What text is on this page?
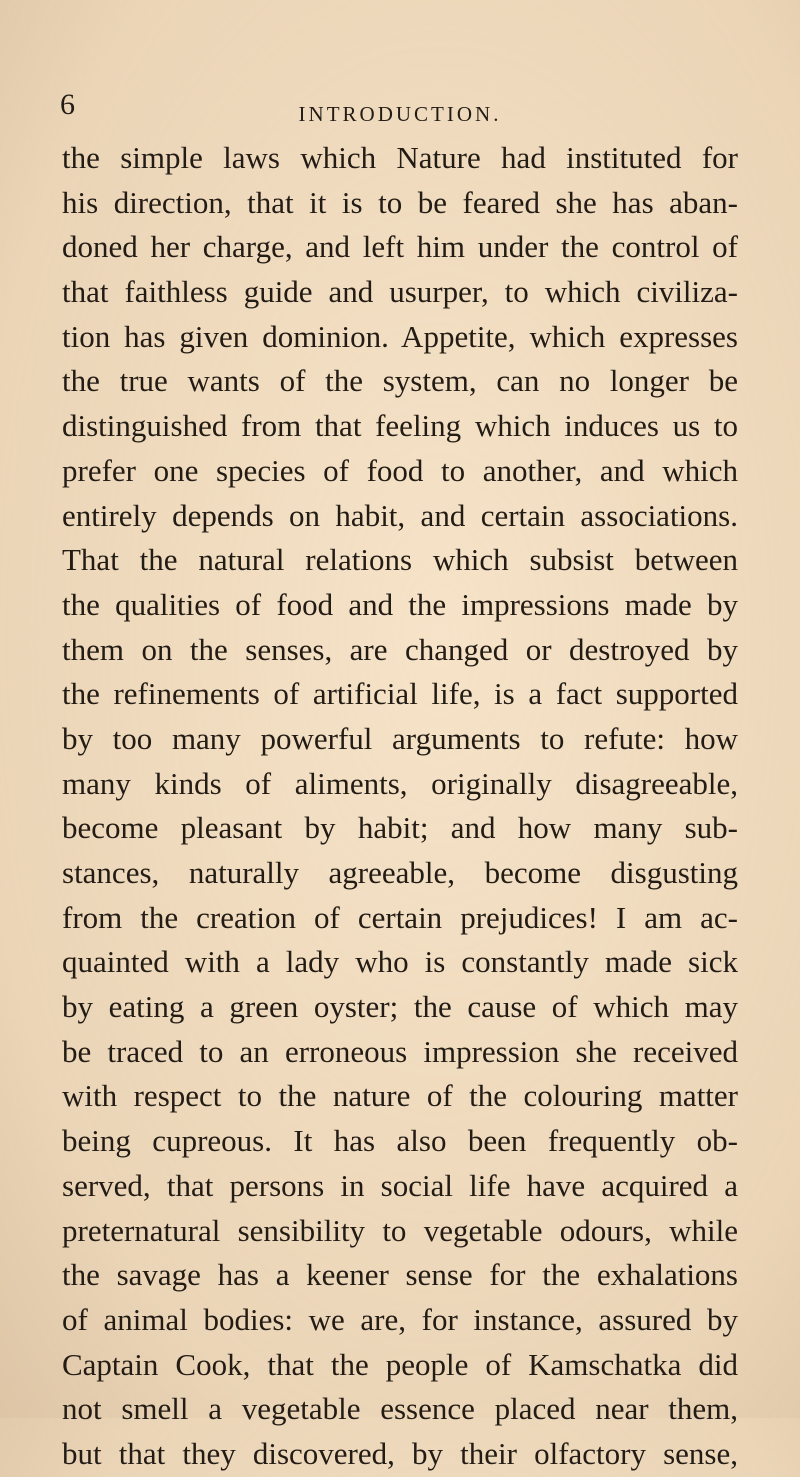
6	INTRODUCTION.
the simple laws which Nature had instituted for
his direction, that it is to be feared she has aban-
doned her charge, and left him under the control of
that faithless guide and usurper, to which civiliza-
tion has given dominion. Appetite, which expresses
the true wants of the system, can no longer be
distinguished from that feeling which induces us to
prefer one species of food to another, and which
entirely depends on habit, and certain associations.
That the natural relations which subsist between
the qualities of food and the impressions made by
them on the senses, are changed or destroyed by
the refinements of artificial life, is a fact supported
by too many powerful arguments to refute: how
many kinds of aliments, originally disagreeable,
become pleasant by habit; and how many sub-
stances, naturally agreeable, become disgusting
from the creation of certain prejudices! I am ac-
quainted with a lady who is constantly made sick
by eating a green oyster; the cause of which may
be traced to an erroneous impression she received
with respect to the nature of the colouring matter
being cupreous. It has also been frequently ob-
served, that persons in social life have acquired a
preternatural sensibility to vegetable odours, while
the savage has a keener sense for the exhalations
of animal bodies: we are, for instance, assured by
Captain Cook, that the people of Kamschatka did
not smell a vegetable essence placed near them,
but that they discovered, by their olfactory sense,
